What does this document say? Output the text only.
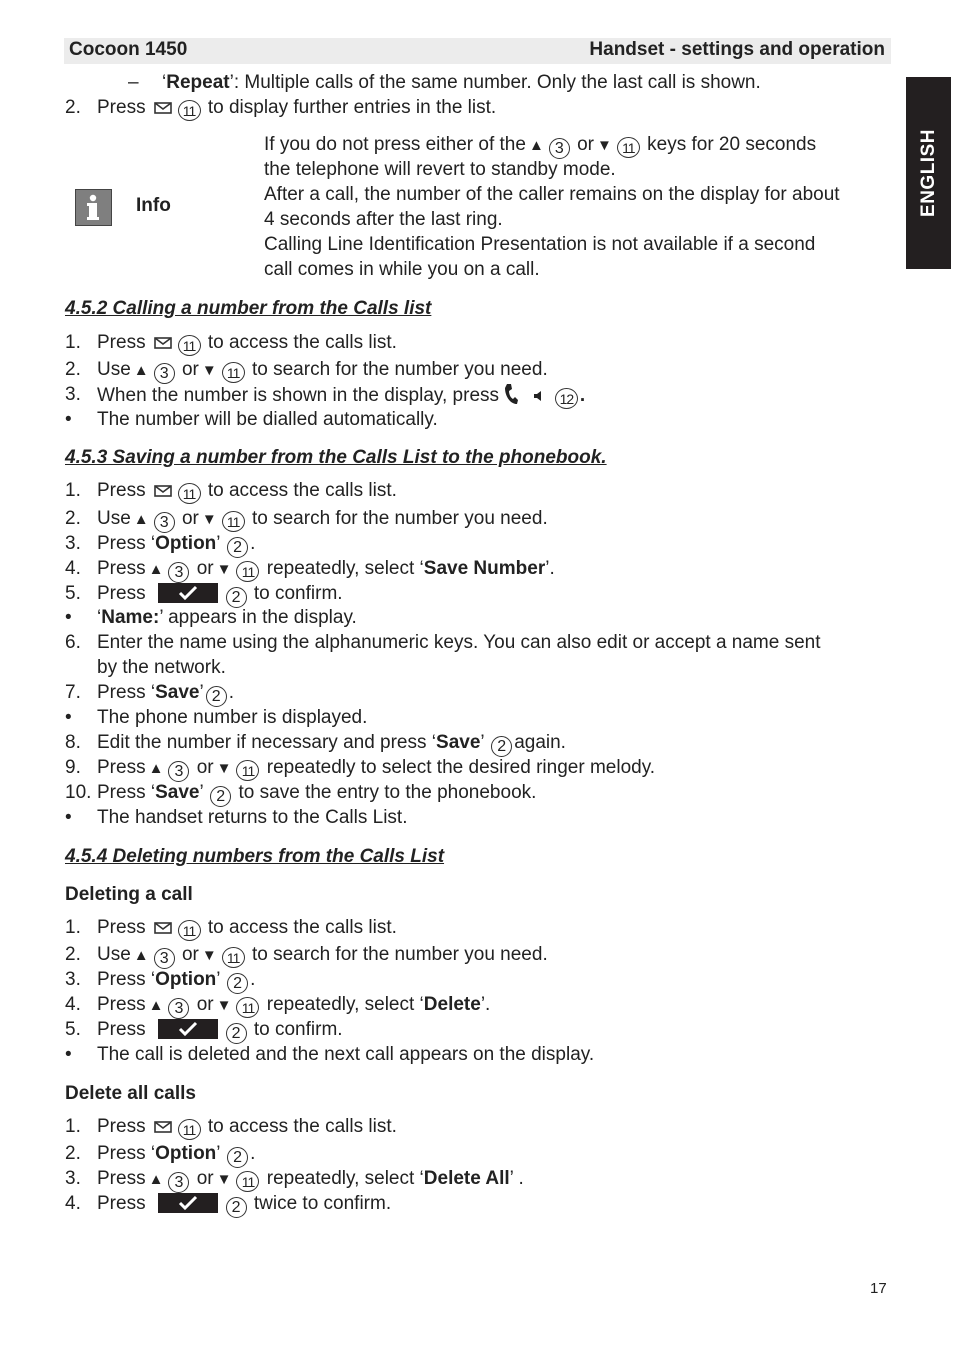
Cocoon 1450	Handset - settings and operation
ENGLISH
– ‘Repeat’: Multiple calls of the same number. Only the last call is shown.
2. Press	11 to display further entries in the list.
Info
If you do not press either of the ▲ 3 or ▼ 11 keys for 20 seconds
the telephone will revert to standby mode.
After a call, the number of the caller remains on the display for about
4 seconds after the last ring.
Calling Line Identification Presentation is not available if a second
call comes in while you on a call.
4.5.2 Calling a number from the Calls list
1. Press	11 to access the calls list.
2. Use ▲ 3 or ▼ 11 to search for the number you need.
3. When the number is shown in the display, press	12 .
• The number will be dialled automatically.
4.5.3 Saving a number from the Calls List to the phonebook.
1. Press	11 to access the calls list.
2. Use ▲ 3 or ▼ 11 to search for the number you need.
3. Press ‘Option’ 2 .
4. Press ▲ 3 or ▼ 11 repeatedly, select ‘Save Number’.
5. Press	2 to confirm.
• ‘Name:’ appears in the display.
6. Enter the name using the alphanumeric keys. You can also edit or accept a name sent
by the network.
7. Press ‘Save’ 2 .
• The phone number is displayed.
8. Edit the number if necessary and press ‘Save’ 2 again.
9. Press ▲ 3 or ▼ 11 repeatedly to select the desired ringer melody.
10. Press ‘Save’ 2 to save the entry to the phonebook.
• The handset returns to the Calls List.
4.5.4 Deleting numbers from the Calls List
Deleting a call
1. Press	11 to access the calls list.
2. Use ▲ 3 or ▼ 11 to search for the number you need.
3. Press ‘Option’ 2 .
4. Press ▲ 3 or ▼ 11 repeatedly, select ‘Delete’.
5. Press	2 to confirm.
• The call is deleted and the next call appears on the display.
Delete all calls
1. Press	11 to access the calls list.
2. Press ‘Option’ 2 .
3. Press ▲ 3 or ▼ 11 repeatedly, select ‘Delete All’ .
4. Press	2 twice to confirm.
17
